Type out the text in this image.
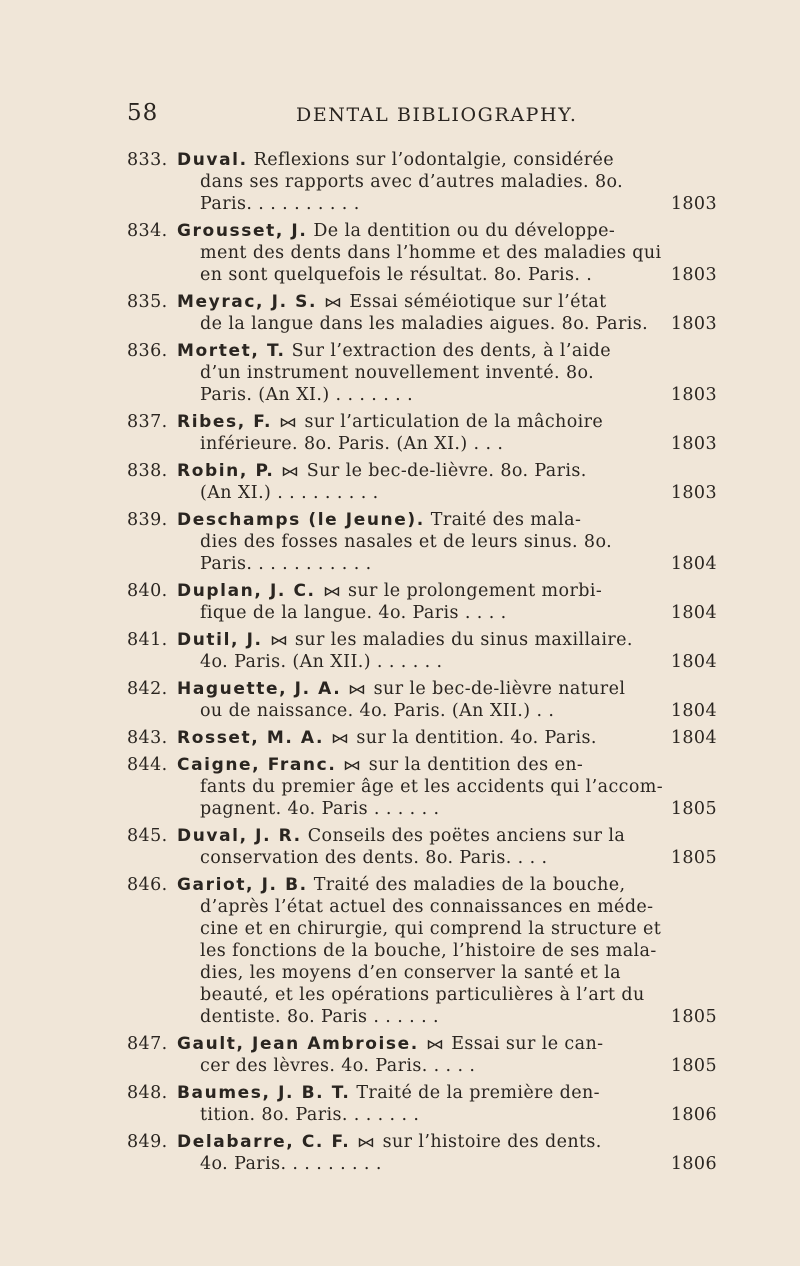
58	DENTAL BIBLIOGRAPHY.
833. Duval. Reflexions sur l’odontalgie, considérée
dans ses rapports avec d’autres maladies. 8o.
Paris. . . . . . . . . .	1803
834. Grousset, J. De la dentition ou du développe-
ment des dents dans l’homme et des maladies qui
en sont quelquefois le résultat. 8o. Paris. .	1803
835. Meyrac, J. S. ⋈ Essai séméiotique sur l’état
de la langue dans les maladies aigues. 8o. Paris. 1803
836. Mortet, T. Sur l’extraction des dents, à l’aide
d’un instrument nouvellement inventé. 8o.
Paris. (An XI.) . . . . . . .	1803
837. Ribes, F. ⋈ sur l’articulation de la mâchoire
inférieure. 8o. Paris. (An XI.) . . .	1803
838. Robin, P. ⋈ Sur le bec-de-lièvre. 8o. Paris.
(An XI.) . . . . . . . . .	1803
839. Deschamps (le Jeune). Traité des mala-
dies des fosses nasales et de leurs sinus. 8o.
Paris. . . . . . . . . . .	1804
840. Duplan, J. C. ⋈ sur le prolongement morbi-
fique de la langue. 4o. Paris . . . .	1804
841. Dutil, J. ⋈ sur les maladies du sinus maxillaire.
4o. Paris. (An XII.) . . . . . .	1804
842. Haguette, J. A. ⋈ sur le bec-de-lièvre naturel
ou de naissance. 4o. Paris. (An XII.) . .	1804
843. Rosset, M. A. ⋈ sur la dentition. 4o. Paris.	1804
844. Caigne, Franc. ⋈ sur la dentition des en-
fants du premier âge et les accidents qui l’accom-
pagnent. 4o. Paris . . . . . .	1805
845. Duval, J. R. Conseils des poëtes anciens sur la
conservation des dents. 8o. Paris. . . .	1805
846. Gariot, J. B. Traité des maladies de la bouche,
d’après l’état actuel des connaissances en méde-
cine et en chirurgie, qui comprend la structure et
les fonctions de la bouche, l’histoire de ses mala-
dies, les moyens d’en conserver la santé et la
beauté, et les opérations particulières à l’art du
dentiste. 8o. Paris . . . . . .	1805
847. Gault, Jean Ambroise. ⋈ Essai sur le can-
cer des lèvres. 4o. Paris. . . . .	1805
848. Baumes, J. B. T. Traité de la première den-
tition. 8o. Paris. . . . . . .	1806
849. Delabarre, C. F. ⋈ sur l’histoire des dents.
4o. Paris. . . . . . . . .	1806
